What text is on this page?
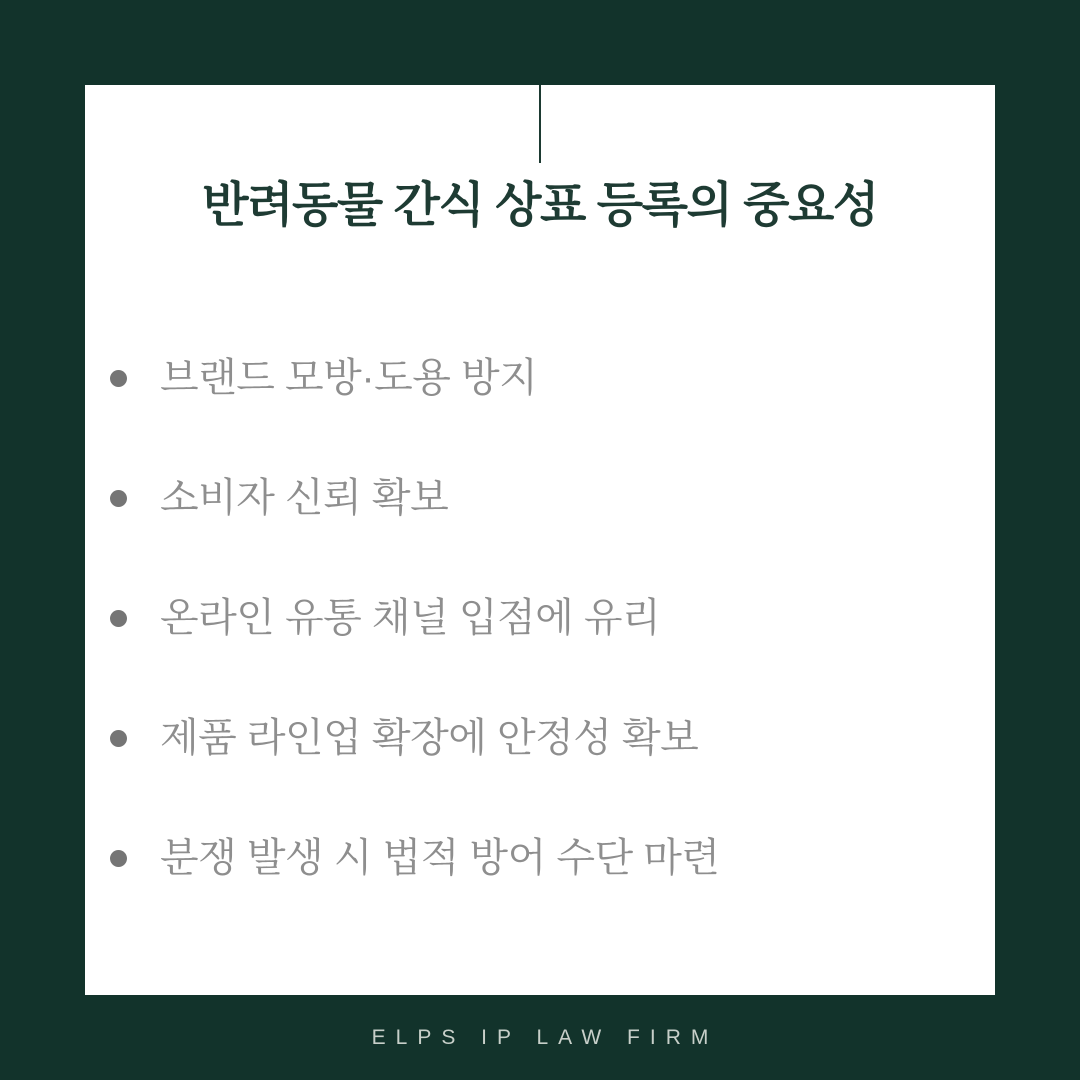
반려동물 간식 상표 등록의 중요성
브랜드 모방·도용 방지
소비자 신뢰 확보
온라인 유통 채널 입점에 유리
제품 라인업 확장에 안정성 확보
분쟁 발생 시 법적 방어 수단 마련
ELPS IP LAW FIRM
